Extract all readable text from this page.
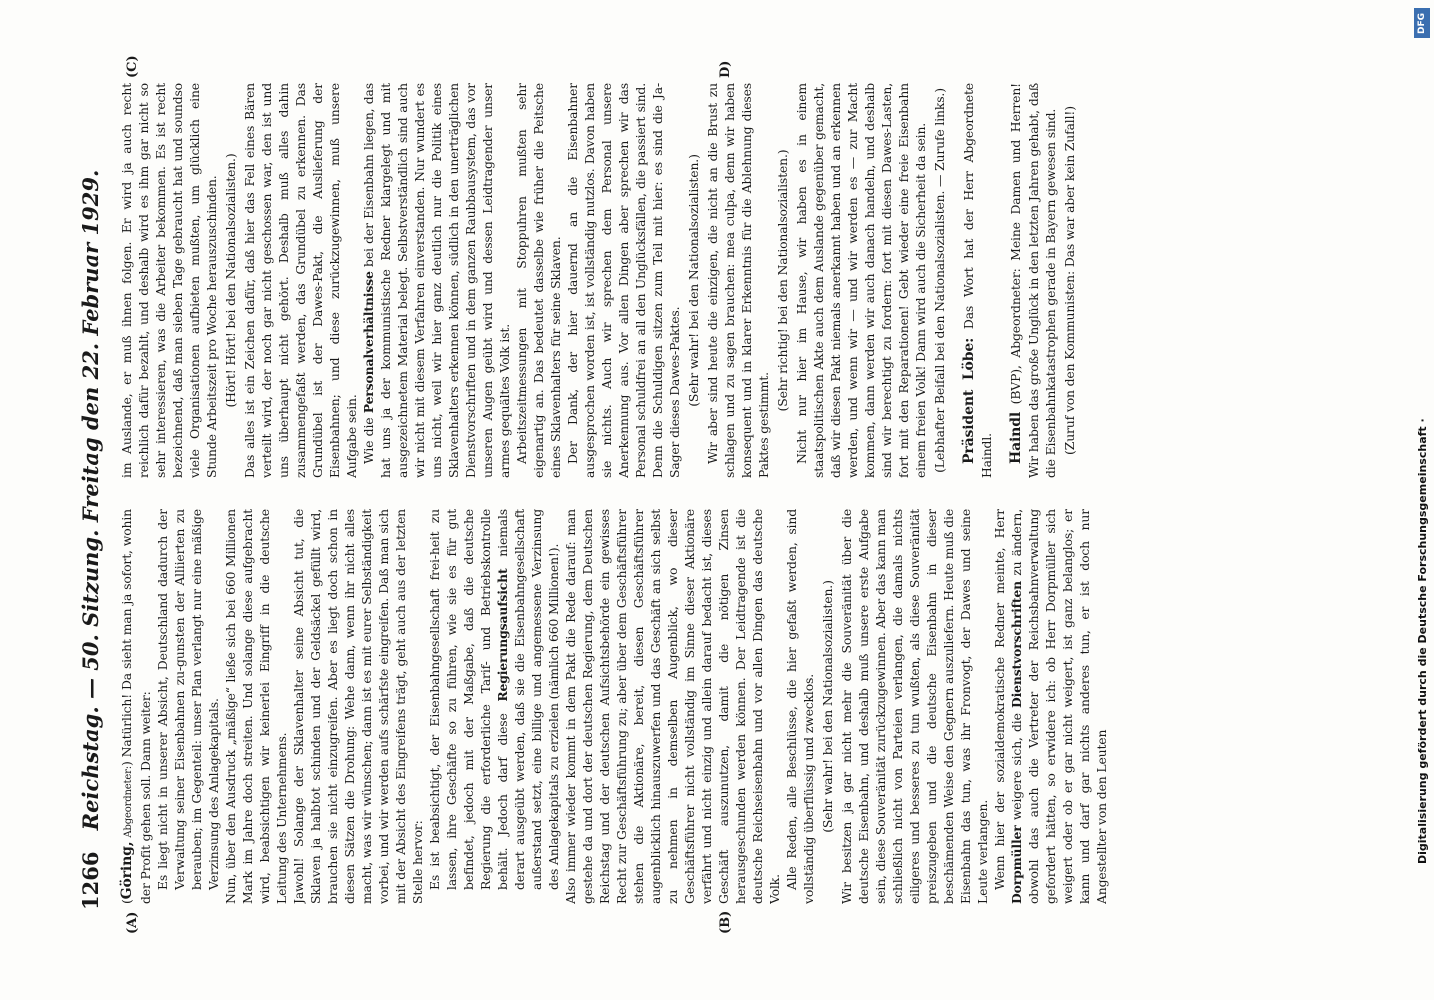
1266
Reichstag. — 50. Sitzung. Freitag den 22. Februar 1929.
(A)	(B)
(C)	D)

(Göring, Abgeordneter:) Natürlich! Da sieht man ja sofort, wohin der Profit gehen soll. Dann weiter: Es liegt nicht in unserer Absicht, Deutschland dadurch der Verwaltung seiner Eisenbahnen zu-gunsten der Alliierten zu berauben; im Gegenteil: unser Plan verlangt nur eine mäßige Verzinsung des Anlagekapitals. Nun, über den Ausdruck „mäßige“ ließe sich bei 660 Millionen Mark im Jahre doch streiten. Und solange diese aufgebracht wird, beabsichtigen wir keinerlei Eingriff in die deutsche Leitung des Unternehmens. Jawohl! Solange der Sklavenhalter seine Absicht tut, die Sklaven ja halbtot schinden und der Geldsäckel gefüllt wird, brauchen sie nicht einzugreifen. Aber es liegt doch schon in diesen Sätzen die Drohung: Wehe dann, wenn ihr nicht alles macht, was wir wünschen; dann ist es mit eurer Selbständigkeit vorbei, und wir werden aufs schärfste eingreifen. Daß man sich mit der Absicht des Eingreifens trägt, geht auch aus der letzten Stelle hervor: Es ist beabsichtigt, der Eisenbahngesellschaft frei-heit zu lassen, ihre Geschäfte so zu führen, wie sie es für gut befindet, jedoch mit der Maßgabe, daß die deutsche Regierung die erforderliche Tarif- und Betriebskontrolle behält. Jedoch darf diese Regierungsaufsicht niemals derart ausgeübt werden, daß sie die Eisenbahngesellschaft außerstand setzt, eine billige und angemessene Verzinsung des Anlagekapitals zu erzielen (nämlich 660 Millionen!). Also immer wieder kommt in dem Pakt die Rede darauf: man gestehe da und dort der deutschen Regierung, dem Deutschen Reichstag und der deutschen Aufsichtsbehörde ein gewisses Recht zur Geschäftsführung zu; aber über dem Geschäftsführer stehen die Aktionäre, bereit, diesen Geschäftsführer augenblicklich hinauszuwerfen und das Geschäft an sich selbst zu nehmen in demselben Augenblick, wo dieser Geschäftsführer nicht vollständig im Sinne dieser Aktionäre verfährt und nicht einzig und allein darauf bedacht ist, dieses Geschäft auszunutzen, damit die nötigen Zinsen herausgeschunden werden können. Der Leidtragende ist die deutsche Reichseisenbahn und vor allen Dingen das deutsche Volk. Alle Reden, alle Beschlüsse, die hier gefaßt werden, sind vollständig überflüssig und zwecklos. (Sehr wahr! bei den Nationalsozialisten.) Wir besitzen ja gar nicht mehr die Souveränität über die deutsche Eisenbahn, und deshalb muß unsere erste Aufgabe sein, diese Souveränität zurückzugewinnen. Aber das kann man schließlich nicht von Parteien verlangen, die damals nichts eiligeres und besseres zu tun wußten, als diese Souveränität preiszugeben und die deutsche Eisenbahn in dieser beschämenden Weise den Gegnern auszuliefern. Heute muß die Eisenbahn das tun, was ihr Fronvogt, der Dawes und seine Leute verlangen. Wenn hier der sozialdemokratische Redner meinte, Herr Dorpmüller weigere sich, die Dienstvorschriften zu ändern, obwohl das auch die Vertreter der Reichsbahnverwaltung gefordert hätten, so erwidere ich: ob Herr Dorpmüller sich weigert oder ob er gar nicht weigert, ist ganz belanglos; er kann und darf gar nichts anderes tun, er ist doch nur Angestellter von den Leuten

im Auslande, er muß ihnen folgen. Er wird ja auch recht reichlich dafür bezahlt, und deshalb wird es ihm gar nicht so sehr interessieren, was die Arbeiter bekommen. Es ist recht bezeichnend, daß man sieben Tage gebraucht hat und soundso viele Organisationen aufbieten mußten, um glücklich eine Stunde Arbeitszeit pro Woche herauszuschinden. (Hört! Hört! bei den Nationalsozialisten.) Das alles ist ein Zeichen dafür, daß hier das Fell eines Bären verteilt wird, der noch gar nicht geschossen war, den ist und uns überhaupt nicht gehört. Deshalb muß alles dahin zusammengefaßt werden, das Grundübel zu erkennen. Das Grundübel ist der Dawes-Pakt, die Auslieferung der Eisenbahnen; und diese zurückzugewinnen, muß unsere Aufgabe sein. Wie die Personalverhältnisse bei der Eisenbahn liegen, das hat uns ja der kommunistische Redner klargelegt und mit ausgezeichnetem Material belegt. Selbstverständlich sind auch wir nicht mit diesem Verfahren einverstanden. Nur wundert es uns nicht, weil wir hier ganz deutlich nur die Politik eines Sklavenhalters erkennen können, südlich in den unerträglichen Dienstvorschriften und in dem ganzen Raubbausystem, das vor unseren Augen geübt wird und dessen Leidtragender unser armes gequältes Volk ist. Arbeitszeitmessungen mit Stoppuhren mußten sehr eigenartig an. Das bedeutet dasselbe wie früher die Peitsche eines Sklavenhalters für seine Sklaven. Der Dank, der hier dauernd an die Eisenbahner ausgesprochen worden ist, ist vollständig nutzlos. Davon haben sie nichts. Auch wir sprechen dem Personal unsere Anerkennung aus. Vor allen Dingen aber sprechen wir das Personal schuldfrei an all den Unglücksfällen, die passiert sind. Denn die Schuldigen sitzen zum Teil mit hier: es sind die Ja-Sager dieses Dawes-Paktes. (Sehr wahr! bei den Nationalsozialisten.) Wir aber sind heute die einzigen, die nicht an die Brust zu schlagen und zu sagen brauchen: mea culpa, denn wir haben konsequent und in klarer Erkenntnis für die Ablehnung dieses Paktes gestimmt.

(Sehr richtig! bei den Nationalsozialisten.) Nicht nur hier im Hause, wir haben es in einem staatspolitischen Akte auch dem Auslande gegenüber gemacht, daß wir diesen Pakt niemals anerkannt haben und an erkennen werden, und wenn wir — und wir werden es — zur Macht kommen, dann werden wir auch danach handeln, und deshalb sind wir berechtigt zu fordern: fort mit diesen Dawes-Lasten, fort mit den Reparationen! Gebt wieder eine freie Eisenbahn einem freien Volk! Dann wird auch die Sicherheit da sein. (Lebhafter Beifall bei den Nationalsozialisten. — Zurufe links.) Präsident Löbe: Das Wort hat der Herr Abgeordnete Haindl. Haindl (BVP), Abgeordneter: Meine Damen und Herren! Wir haben das große Unglück in den letzten Jahren gehabt, daß die Eisenbahnkatastrophen gerade in Bayern gewesen sind. (Zuruf von den Kommunisten: Das war aber kein Zufall!)

DFG
Digitalisierung gefördert durch die Deutsche Forschungsgemeinschaft ·
